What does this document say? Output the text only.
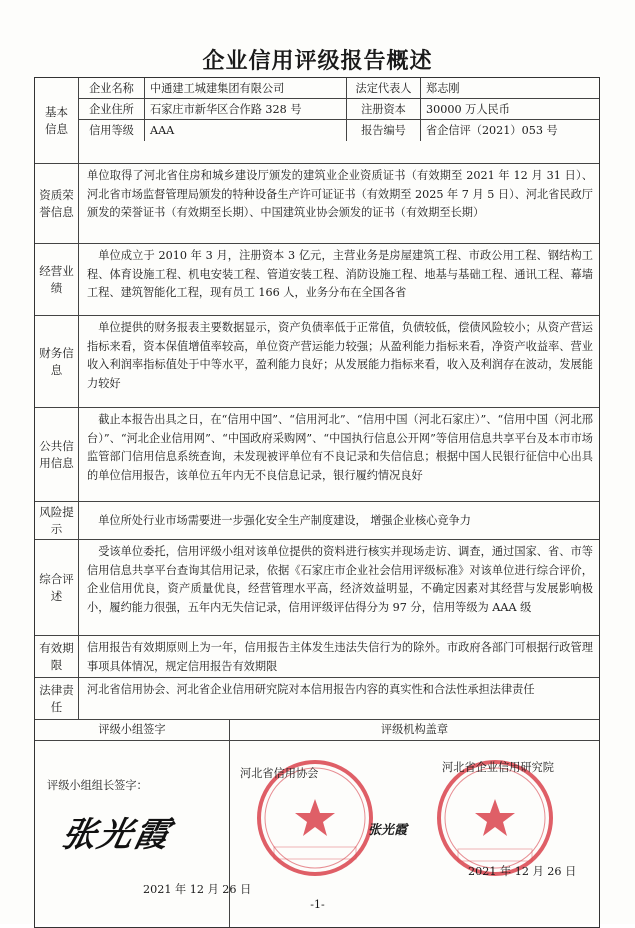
企业信用评级报告概述
基本信息
企业名称	中通建工城建集团有限公司	法定代表人	郑志刚
企业住所	石家庄市新华区合作路 328 号	注册资本	30000 万人民币
信用等级	AAA	报告编号	省企信评（2021）053 号
资质荣誉信息
单位取得了河北省住房和城乡建设厅颁发的建筑业企业资质证书（有效期至 2021 年 12 月 31 日）、河北省市场监督管理局颁发的特种设备生产许可证证书（有效期至 2025 年 7 月 5 日）、河北省民政厅颁发的荣誉证书（有效期至长期）、中国建筑业协会颁发的证书（有效期至长期）
经营业绩
单位成立于 2010 年 3 月，注册资本 3 亿元，主营业务是房屋建筑工程、市政公用工程、钢结构工程、体育设施工程、机电安装工程、管道安装工程、消防设施工程、地基与基础工程、通讯工程、幕墙工程、建筑智能化工程，现有员工 166 人，业务分布在全国各省
财务信息
单位提供的财务报表主要数据显示，资产负债率低于正常值，负债较低，偿债风险较小；从资产营运指标来看，资本保值增值率较高，单位资产营运能力较强；从盈利能力指标来看，净资产收益率、营业收入利润率指标值处于中等水平，盈利能力良好；从发展能力指标来看，收入及利润存在波动，发展能力较好
公共信用信息
截止本报告出具之日，在“信用中国”、“信用河北”、“信用中国（河北石家庄）”、“信用中国（河北邢台）”、“河北企业信用网”、“中国政府采购网”、“中国执行信息公开网”等信用信息共享平台及本市市场监管部门信用信息系统查询，未发现被评单位有不良记录和失信信息；根据中国人民银行征信中心出具的单位信用报告，该单位五年内无不良信息记录，银行履约情况良好
风险提示
单位所处行业市场需要进一步强化安全生产制度建设， 增强企业核心竞争力
综合评述
受该单位委托，信用评级小组对该单位提供的资料进行核实并现场走访、调查，通过国家、省、市等信用信息共享平台查询其信用记录，依据《石家庄市企业社会信用评级标准》对该单位进行综合评价，企业信用优良，资产质量优良，经营管理水平高，经济效益明显，不确定因素对其经营与发展影响极小，履约能力很强，五年内无失信记录，信用评级评估得分为 97 分，信用等级为 AAA 级
有效期限
信用报告有效期原则上为一年，信用报告主体发生违法失信行为的除外。市政府各部门可根据行政管理事项具体情况，规定信用报告有效期限
法律责任
河北省信用协会、河北省企业信用研究院对本信用报告内容的真实性和合法性承担法律责任
评级小组签字	评级机构盖章
评级小组组长签字：
张光霞
2021 年 12 月 26 日
河北省信用协会	河北省企业信用研究院
张光霞
2021 年 12 月 26 日
-1-
